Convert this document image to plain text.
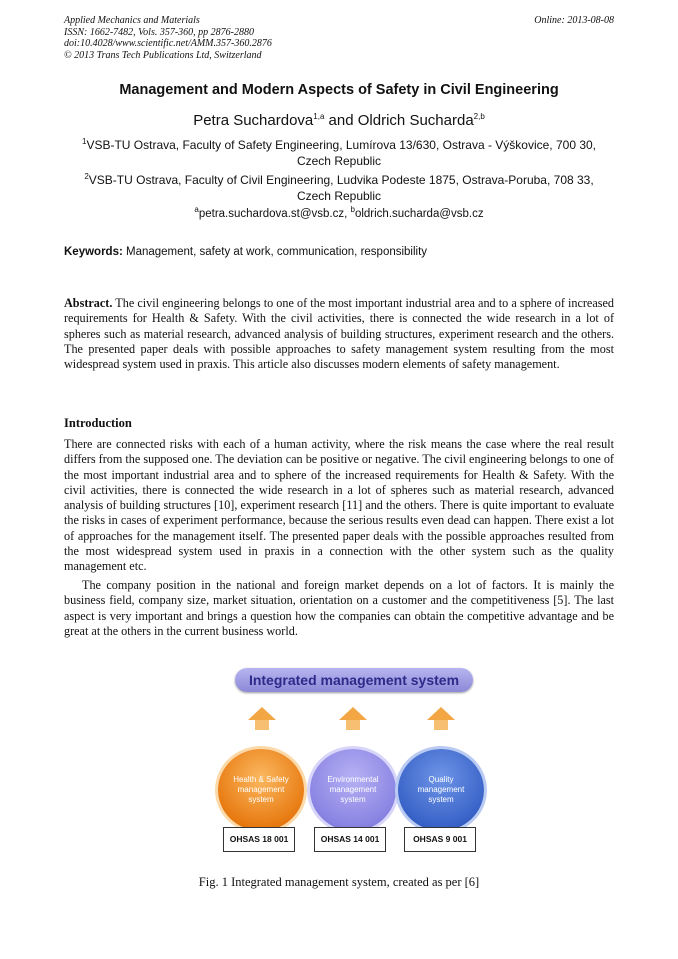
Applied Mechanics and Materials
ISSN: 1662-7482, Vols. 357-360, pp 2876-2880
doi:10.4028/www.scientific.net/AMM.357-360.2876
© 2013 Trans Tech Publications Ltd, Switzerland
Online: 2013-08-08
Management and Modern Aspects of Safety in Civil Engineering
Petra Suchardova$^{1,a}$ and Oldrich Sucharda$^{2,b}$
$^1$VSB-TU Ostrava, Faculty of Safety Engineering, Lumírova 13/630, Ostrava - Výškovice, 700 30,
Czech Republic
$^2$VSB-TU Ostrava, Faculty of Civil Engineering, Ludvika Podeste 1875, Ostrava-Poruba, 708 33,
Czech Republic
$^a$petra.suchardova.st@vsb.cz, $^b$oldrich.sucharda@vsb.cz
Keywords: Management, safety at work, communication, responsibility
Abstract. The civil engineering belongs to one of the most important industrial area and to a sphere of increased requirements for Health & Safety. With the civil activities, there is connected the wide research in a lot of spheres such as material research, advanced analysis of building structures, experiment research and the others. The presented paper deals with possible approaches to safety management system resulting from the most widespread system used in praxis. This article also discusses modern elements of safety management.
Introduction
There are connected risks with each of a human activity, where the risk means the case where the real result differs from the supposed one. The deviation can be positive or negative. The civil engineering belongs to one of the most important industrial area and to sphere of the increased requirements for Health & Safety. With the civil activities, there is connected the wide research in a lot of spheres such as material research, advanced analysis of building structures [10], experiment research [11] and the others. There is quite important to evaluate the risks in cases of experiment performance, because the serious results even dead can happen. There exist a lot of approaches for the management itself. The presented paper deals with the possible approaches resulted from the most widespread system used in praxis in a connection with the other system such as the quality management etc.
The company position in the national and foreign market depends on a lot of factors. It is mainly the business field, company size, market situation, orientation on a customer and the competitiveness [5]. The last aspect is very important and brings a question how the companies can obtain the competitive advantage and be great at the others in the current business world.
Integrated management system
Health & Safety management system
Environmental management system
Quality management system
OHSAS 18 001	OHSAS 14 001	OHSAS 9 001
Fig. 1 Integrated management system, created as per [6]
